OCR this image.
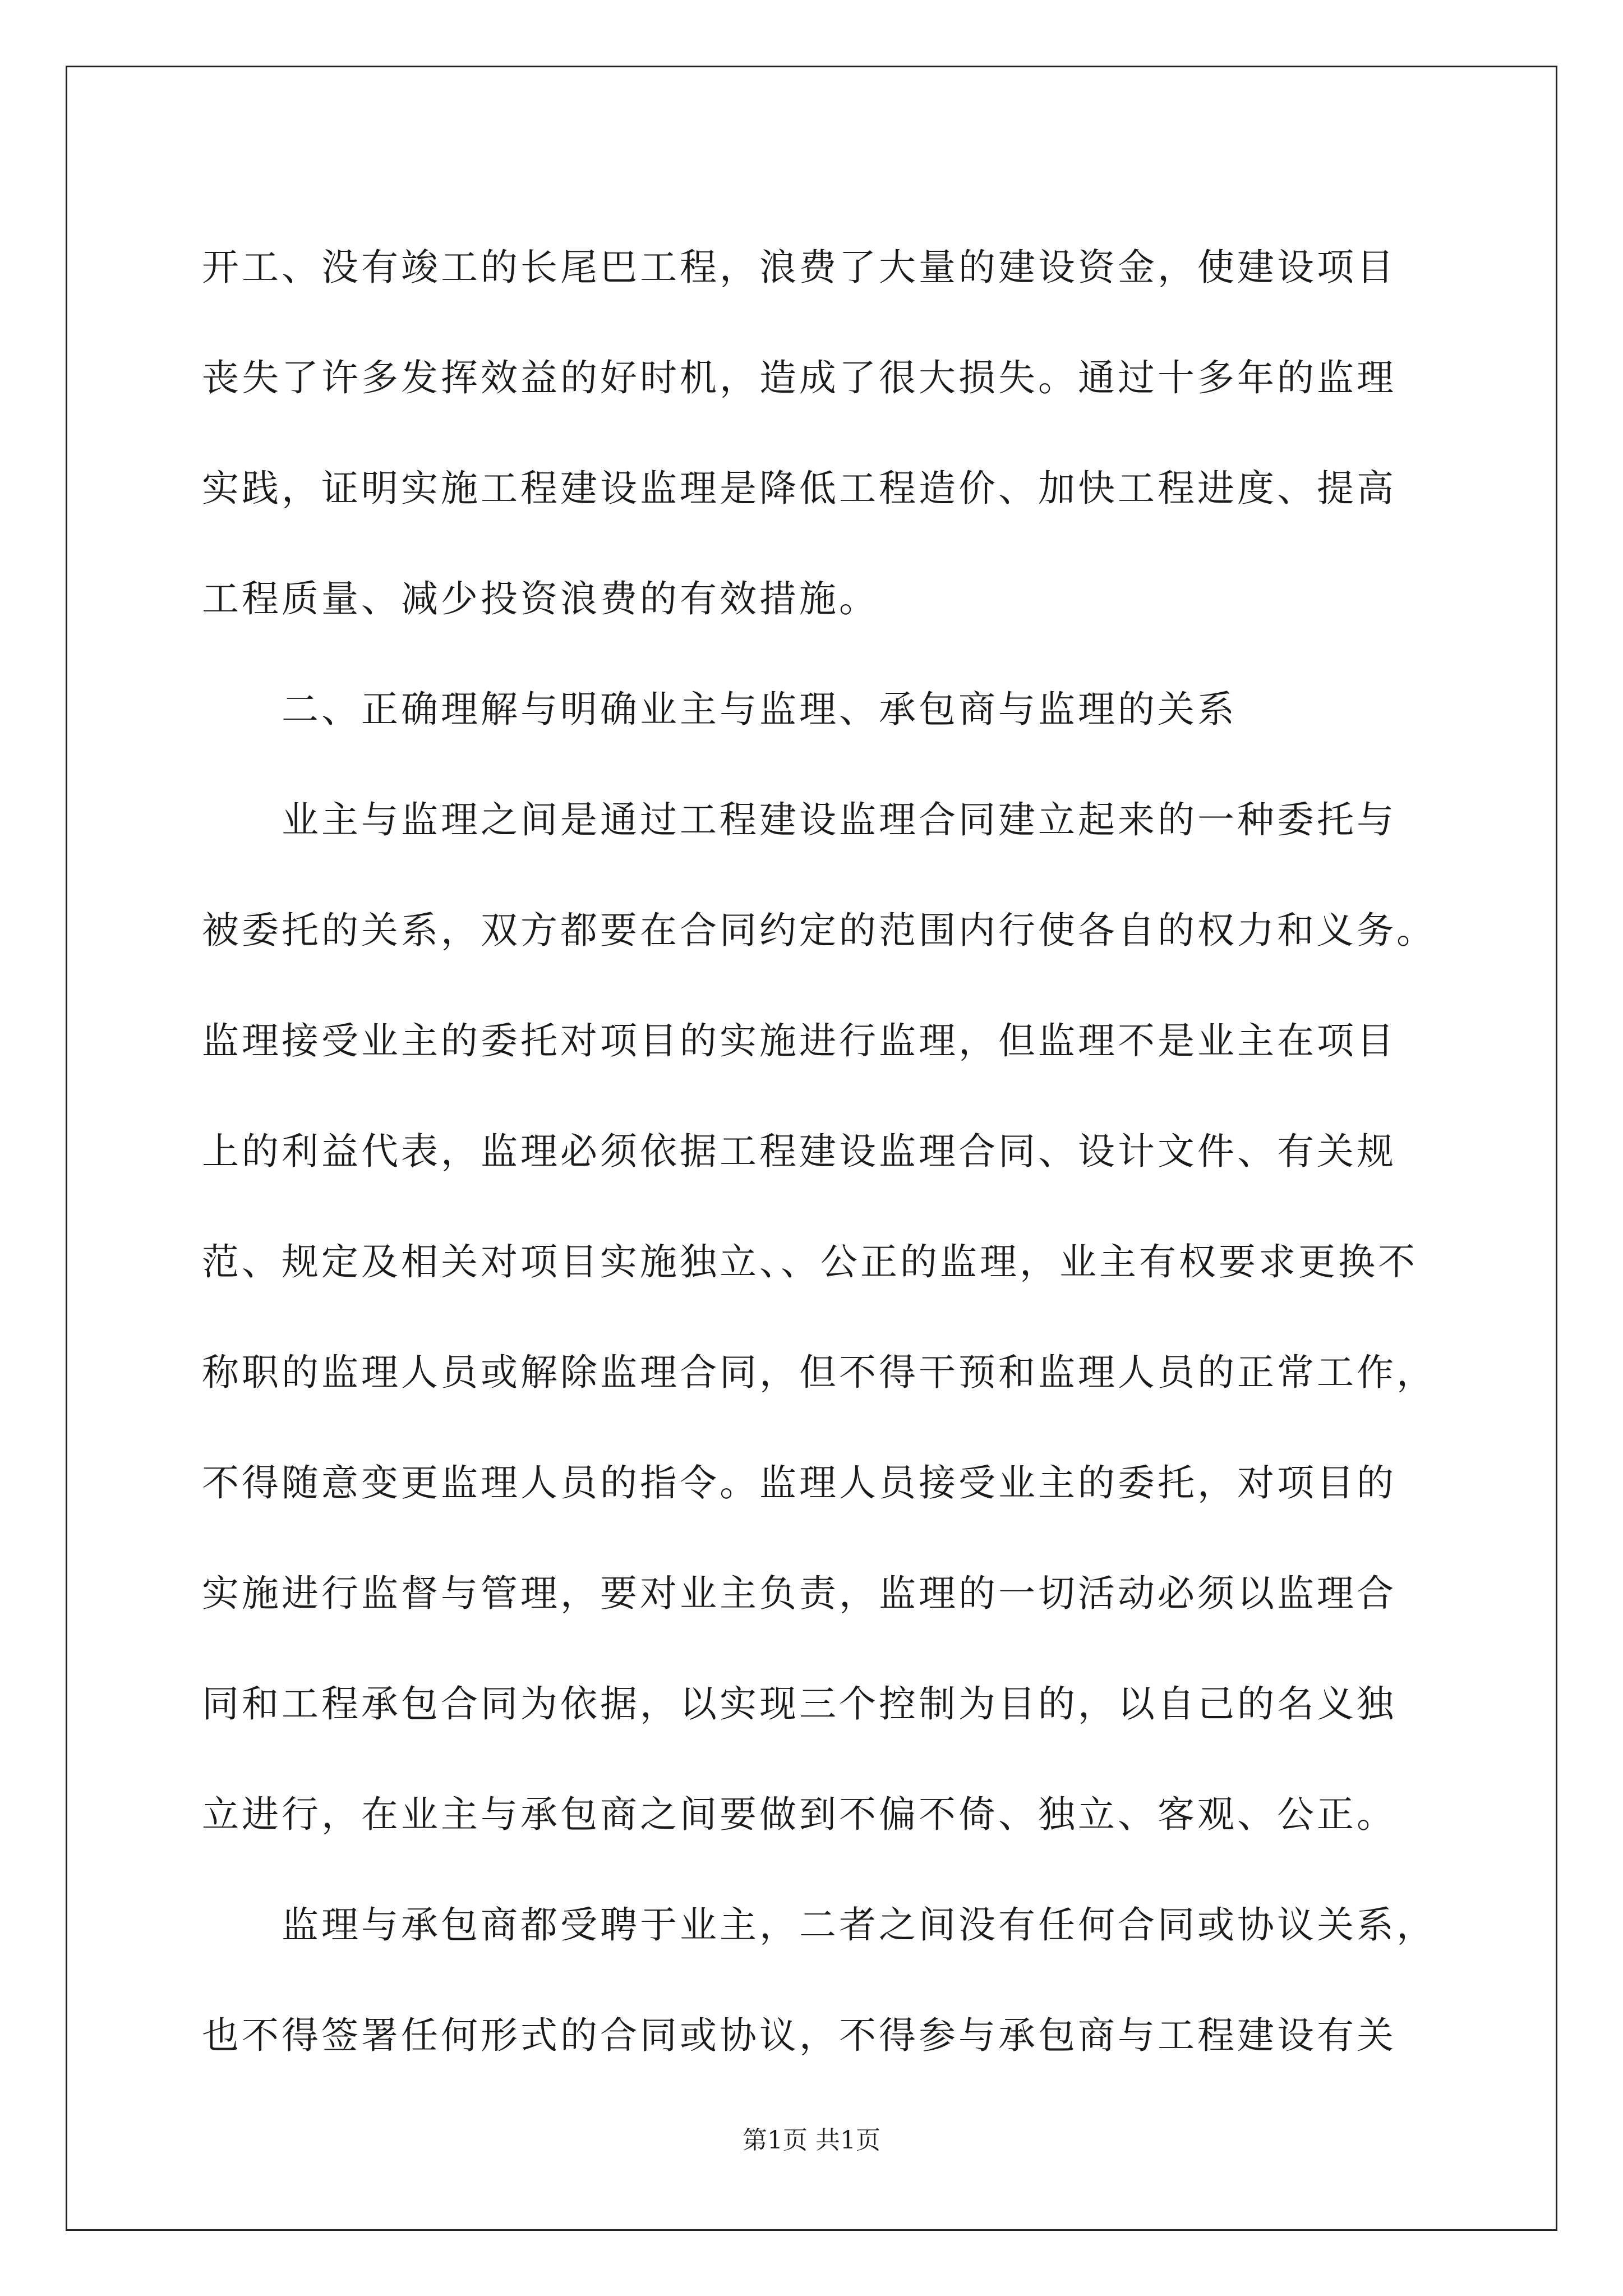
开工、没有竣工的长尾巴工程，浪费了大量的建设资金，使建设项目
丧失了许多发挥效益的好时机，造成了很大损失。通过十多年的监理
实践，证明实施工程建设监理是降低工程造价、加快工程进度、提高
工程质量、减少投资浪费的有效措施。
二、正确理解与明确业主与监理、承包商与监理的关系
业主与监理之间是通过工程建设监理合同建立起来的一种委托与
被委托的关系，双方都要在合同约定的范围内行使各自的权力和义务。
监理接受业主的委托对项目的实施进行监理，但监理不是业主在项目
上的利益代表，监理必须依据工程建设监理合同、设计文件、有关规
范、规定及相关对项目实施独立、、公正的监理，业主有权要求更换不
称职的监理人员或解除监理合同，但不得干预和监理人员的正常工作，
不得随意变更监理人员的指令。监理人员接受业主的委托，对项目的
实施进行监督与管理，要对业主负责，监理的一切活动必须以监理合
同和工程承包合同为依据，以实现三个控制为目的，以自己的名义独
立进行，在业主与承包商之间要做到不偏不倚、独立、客观、公正。
监理与承包商都受聘于业主，二者之间没有任何合同或协议关系，
也不得签署任何形式的合同或协议，不得参与承包商与工程建设有关
第1页 共1页
